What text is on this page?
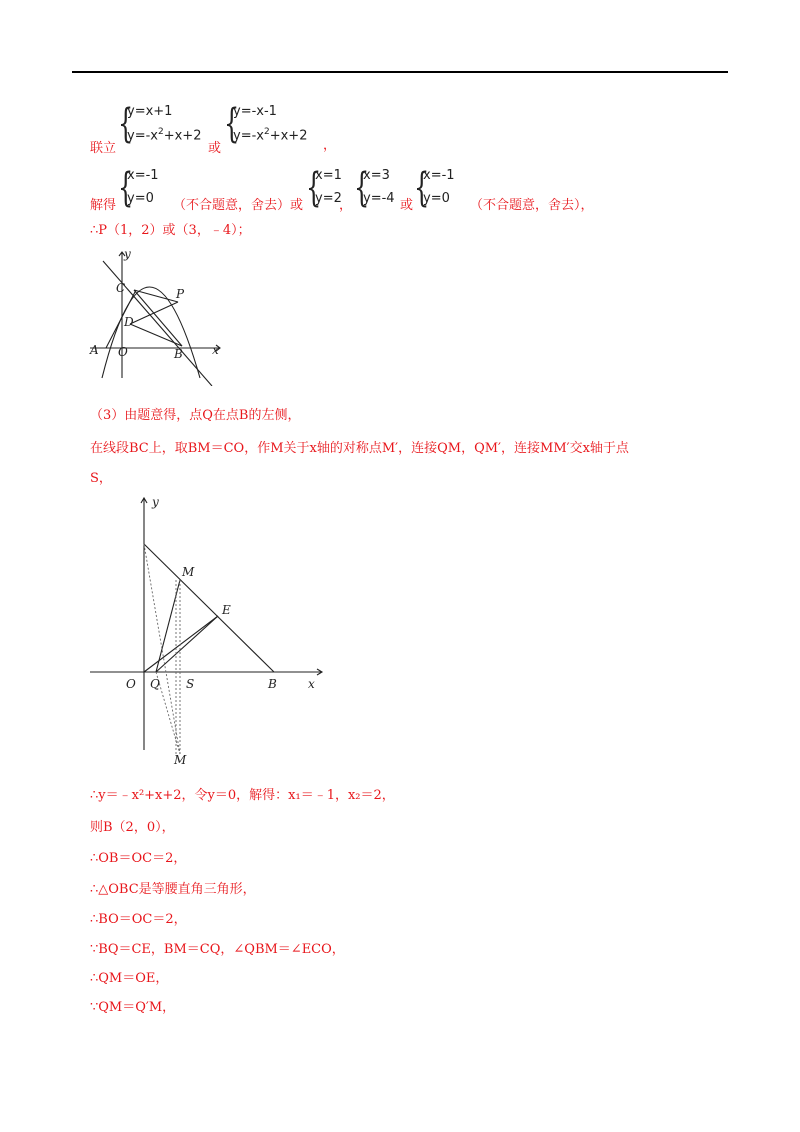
联立
{
y=x+1
$y=-x^2+x+2$
或
{
y=-x-1
$y=-x^2+x+2$
，
解得 {
x=-1
y=0 （不合题意，舍去）或 {
x=1
y=2
， {
x=3
y=-4 或 {
x=-1
y=0 （不合题意，舍去），
∴P（1，2）或（3，﹣4）；
y
x
C	P
D
A O	B
（3）由题意得，点Q在点B的左侧，
在线段BC上，取BM＝CO，作M关于x轴的对称点M′，连接QM，QM′，连接MM′交x轴于点
S，
y
x
O Q S	B
M
E
M
∴y＝﹣x²+x+2，令y＝0，解得：x₁＝﹣1，x₂＝2，
则B（2，0），
∴OB＝OC＝2，
∴△OBC是等腰直角三角形，
∴BO＝OC＝2，
∵BQ＝CE，BM＝CQ，∠QBM＝∠ECO，
∴QM＝OE，
∵QM＝Q′M，
